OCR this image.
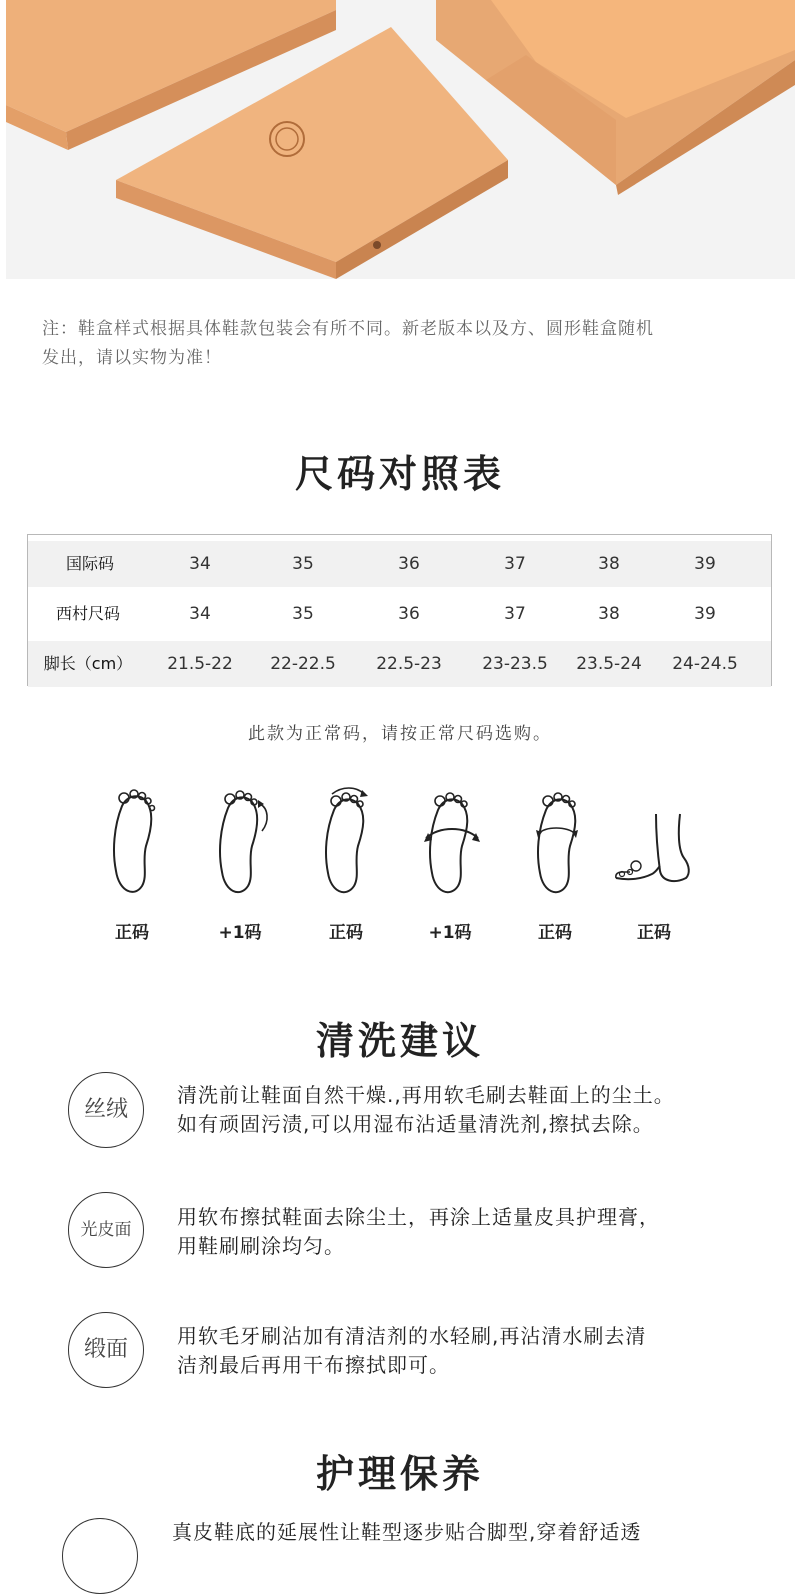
注：鞋盒样式根据具体鞋款包装会有所不同。新老版本以及方、圆形鞋盒随机
发出，请以实物为准！
尺码对照表
国际码	34	35	36	37	38	39
西村尺码	34	35	36	37	38	39
脚长（cm）	21.5-22	22-22.5	22.5-23	23-23.5	23.5-24	24-24.5
此款为正常码，请按正常尺码选购。
正码	+1码	正码	+1码	正码	正码
清洗建议
丝绒
清洗前让鞋面自然干燥.,再用软毛刷去鞋面上的尘土。
如有顽固污渍,可以用湿布沾适量清洗剂,擦拭去除。
光皮面
用软布擦拭鞋面去除尘土，再涂上适量皮具护理膏，
用鞋刷刷涂均匀。
缎面
用软毛牙刷沾加有清洁剂的水轻刷,再沾清水刷去清
洁剂最后再用干布擦拭即可。
护理保养
真皮鞋底的延展性让鞋型逐步贴合脚型,穿着舒适透
